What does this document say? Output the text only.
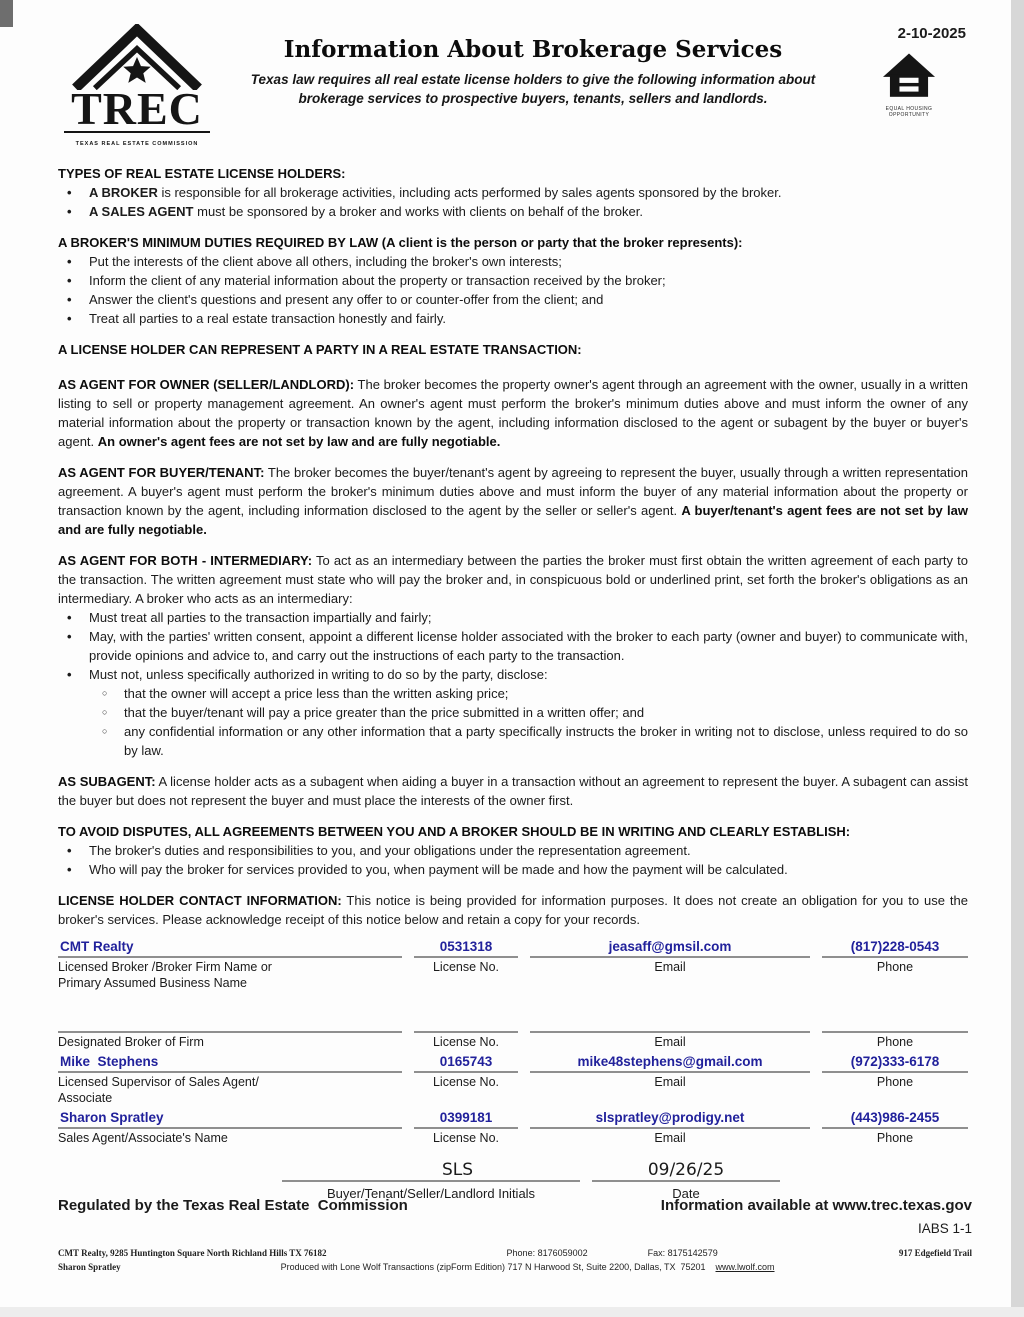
TREC
TEXAS REAL ESTATE COMMISSION
Information About Brokerage Services
Texas law requires all real estate license holders to give the following information about
brokerage services to prospective buyers, tenants, sellers and landlords.
2-10-2025
EQUAL HOUSING
OPPORTUNITY
TYPES OF REAL ESTATE LICENSE HOLDERS:
• A BROKER is responsible for all brokerage activities, including acts performed by sales agents sponsored by the broker.
• A SALES AGENT must be sponsored by a broker and works with clients on behalf of the broker.
A BROKER'S MINIMUM DUTIES REQUIRED BY LAW (A client is the person or party that the broker represents):
• Put the interests of the client above all others, including the broker's own interests;
• Inform the client of any material information about the property or transaction received by the broker;
• Answer the client's questions and present any offer to or counter-offer from the client; and
• Treat all parties to a real estate transaction honestly and fairly.
A LICENSE HOLDER CAN REPRESENT A PARTY IN A REAL ESTATE TRANSACTION:

AS AGENT FOR OWNER (SELLER/LANDLORD): The broker becomes the property owner's agent through an agreement with the owner, usually in a written listing to sell or property management agreement. An owner's agent must perform the broker's minimum duties above and must inform the owner of any material information about the property or transaction known by the agent, including information disclosed to the agent or subagent by the buyer or buyer's agent. An owner's agent fees are not set by law and are fully negotiable.

AS AGENT FOR BUYER/TENANT: The broker becomes the buyer/tenant's agent by agreeing to represent the buyer, usually through a written representation agreement. A buyer's agent must perform the broker's minimum duties above and must inform the buyer of any material information about the property or transaction known by the agent, including information disclosed to the agent by the seller or seller's agent. A buyer/tenant's agent fees are not set by law and are fully negotiable.

AS AGENT FOR BOTH - INTERMEDIARY: To act as an intermediary between the parties the broker must first obtain the written agreement of each party to the transaction. The written agreement must state who will pay the broker and, in conspicuous bold or underlined print, set forth the broker's obligations as an intermediary. A broker who acts as an intermediary:

• Must treat all parties to the transaction impartially and fairly;
• May, with the parties' written consent, appoint a different license holder associated with the broker to each party (owner and buyer) to communicate with, provide opinions and advice to, and carry out the instructions of each party to the transaction.
• Must not, unless specifically authorized in writing to do so by the party, disclose:
○ that the owner will accept a price less than the written asking price;
○ that the buyer/tenant will pay a price greater than the price submitted in a written offer; and
○ any confidential information or any other information that a party specifically instructs the broker in writing not to disclose, unless required to do so by law.

AS SUBAGENT: A license holder acts as a subagent when aiding a buyer in a transaction without an agreement to represent the buyer. A subagent can assist the buyer but does not represent the buyer and must place the interests of the owner first.

TO AVOID DISPUTES, ALL AGREEMENTS BETWEEN YOU AND A BROKER SHOULD BE IN WRITING AND CLEARLY ESTABLISH:
• The broker's duties and responsibilities to you, and your obligations under the representation agreement.
• Who will pay the broker for services provided to you, when payment will be made and how the payment will be calculated.

LICENSE HOLDER CONTACT INFORMATION: This notice is being provided for information purposes. It does not create an obligation for you to use the broker's services. Please acknowledge receipt of this notice below and retain a copy for your records.

CMT Realty	0531318	jeasaff@gmsil.com	(817)228-0543
Licensed Broker /Broker Firm Name or
Primary Assumed Business Name
License No.	Email	Phone
Designated Broker of Firm	License No.	Email	Phone
Mike  Stephens	0165743	mike48stephens@gmail.com	(972)333-6178
Licensed Supervisor of Sales Agent/
Associate
License No.	Email	Phone
Sharon Spratley	0399181	slspratley@prodigy.net	(443)986-2455
Sales Agent/Associate's Name	License No.	Email	Phone
SLS
Buyer/Tenant/Seller/Landlord Initials
09/26/25
Date
Regulated by the Texas Real Estate  Commission	Information available at www.trec.texas.gov
IABS 1-1
CMT Realty, 9285 Huntington Square North Richland Hills TX 76182	Phone: 8176059002	Fax: 8175142579	917 Edgefield Trail
Sharon Spratley	Produced with Lone Wolf Transactions (zipForm Edition) 717 N Harwood St, Suite 2200, Dallas, TX  75201 www.lwolf.com
